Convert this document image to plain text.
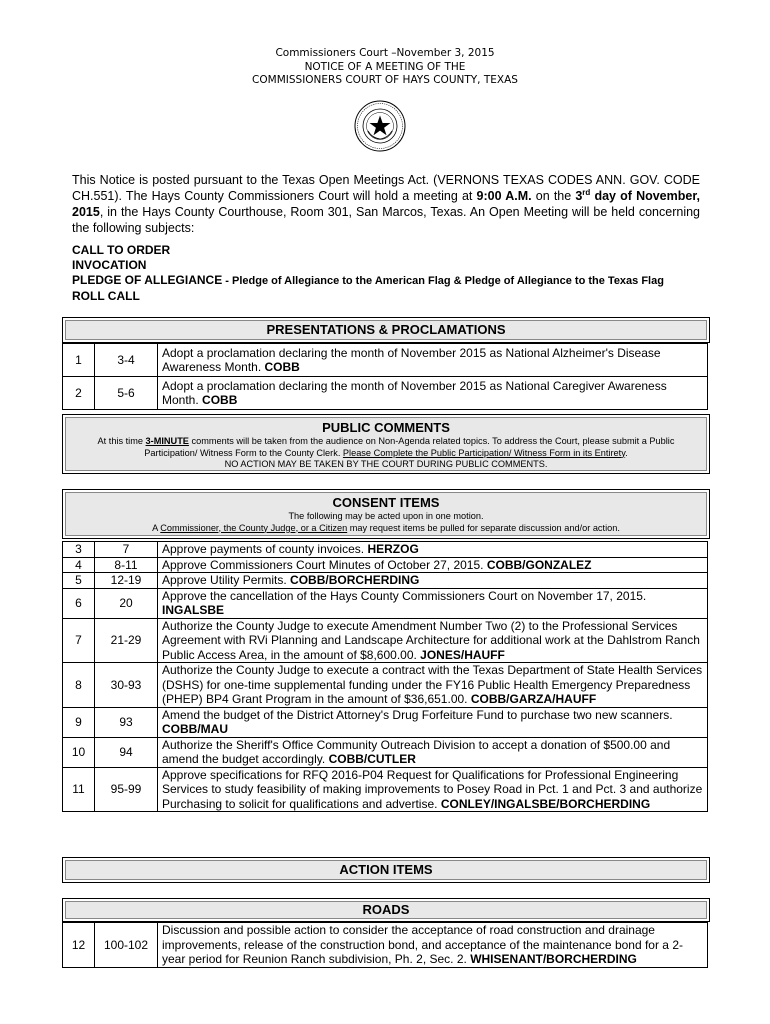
Commissioners Court –November 3, 2015
NOTICE OF A MEETING OF THE
COMMISSIONERS COURT OF HAYS COUNTY, TEXAS
This Notice is posted pursuant to the Texas Open Meetings Act. (VERNONS TEXAS CODES ANN. GOV. CODE CH.551). The Hays County Commissioners Court will hold a meeting at 9:00 A.M. on the 3rd day of November, 2015, in the Hays County Courthouse, Room 301, San Marcos, Texas. An Open Meeting will be held concerning the following subjects:
CALL TO ORDER
INVOCATION
PLEDGE OF ALLEGIANCE - Pledge of Allegiance to the American Flag & Pledge of Allegiance to the Texas Flag
ROLL CALL
PRESENTATIONS & PROCLAMATIONS
1	3-4	Adopt a proclamation declaring the month of November 2015 as National Alzheimer's Disease Awareness Month. COBB
2	5-6	Adopt a proclamation declaring the month of November 2015 as National Caregiver Awareness Month. COBB
PUBLIC COMMENTS
At this time 3-MINUTE comments will be taken from the audience on Non-Agenda related topics. To address the Court, please submit a Public Participation/ Witness Form to the County Clerk. Please Complete the Public Participation/ Witness Form in its Entirety.
NO ACTION MAY BE TAKEN BY THE COURT DURING PUBLIC COMMENTS.
CONSENT ITEMS
The following may be acted upon in one motion.
A Commissioner, the County Judge, or a Citizen may request items be pulled for separate discussion and/or action.
3	7	Approve payments of county invoices. HERZOG
4	8-11	Approve Commissioners Court Minutes of October 27, 2015. COBB/GONZALEZ
5	12-19	Approve Utility Permits. COBB/BORCHERDING
6	20	Approve the cancellation of the Hays County Commissioners Court on November 17, 2015. INGALSBE
7	21-29	Authorize the County Judge to execute Amendment Number Two (2) to the Professional Services Agreement with RVi Planning and Landscape Architecture for additional work at the Dahlstrom Ranch Public Access Area, in the amount of $8,600.00. JONES/HAUFF
8	30-93	Authorize the County Judge to execute a contract with the Texas Department of State Health Services (DSHS) for one-time supplemental funding under the FY16 Public Health Emergency Preparedness (PHEP) BP4 Grant Program in the amount of $36,651.00. COBB/GARZA/HAUFF
9	93	Amend the budget of the District Attorney's Drug Forfeiture Fund to purchase two new scanners. COBB/MAU
10	94	Authorize the Sheriff's Office Community Outreach Division to accept a donation of $500.00 and amend the budget accordingly. COBB/CUTLER
11	95-99	Approve specifications for RFQ 2016-P04 Request for Qualifications for Professional Engineering Services to study feasibility of making improvements to Posey Road in Pct. 1 and Pct. 3 and authorize Purchasing to solicit for qualifications and advertise. CONLEY/INGALSBE/BORCHERDING
ACTION ITEMS
ROADS
12	100-102	Discussion and possible action to consider the acceptance of road construction and drainage improvements, release of the construction bond, and acceptance of the maintenance bond for a 2-year period for Reunion Ranch subdivision, Ph. 2, Sec. 2. WHISENANT/BORCHERDING
